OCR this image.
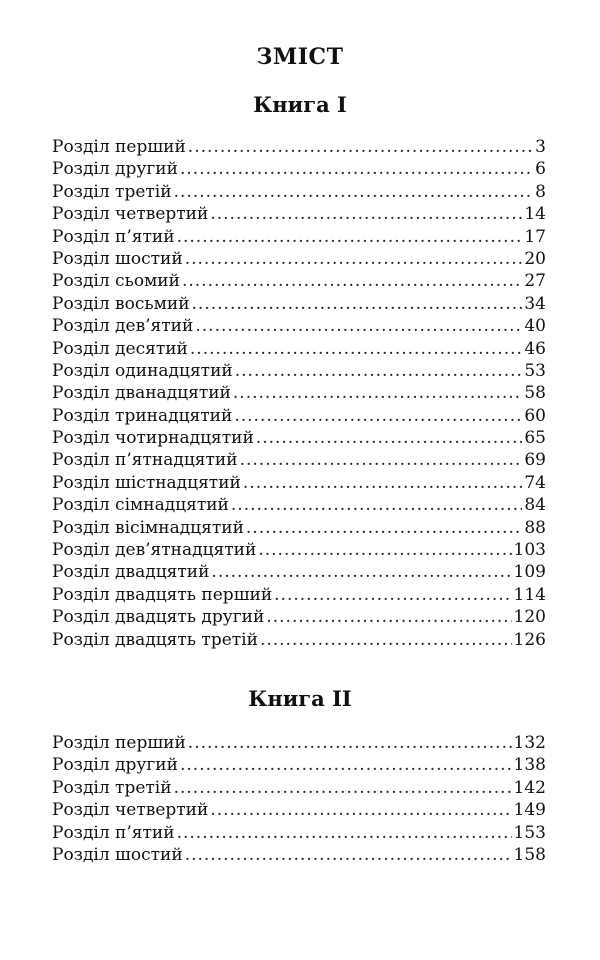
ЗМІСТ
Книга I
Розділ перший .....	3
Розділ другий .....	6
Розділ третій .....	8
Розділ четвертий .....	14
Розділ п’ятий .....	17
Розділ шостий .....	20
Розділ сьомий .....	27
Розділ восьмий .....	34
Розділ дев’ятий .....	40
Розділ десятий .....	46
Розділ одинадцятий .....	53
Розділ дванадцятий .....	58
Розділ тринадцятий .....	60
Розділ чотирнадцятий .....	65
Розділ п’ятнадцятий .....	69
Розділ шістнадцятий .....	74
Розділ сімнадцятий .....	84
Розділ вісімнадцятий .....	88
Розділ дев’ятнадцятий .....	103
Розділ двадцятий .....	109
Розділ двадцять перший .....	114
Розділ двадцять другий .....	120
Розділ двадцять третій .....	126
Книга II
Розділ перший .....	132
Розділ другий .....	138
Розділ третій .....	142
Розділ четвертий .....	149
Розділ п’ятий .....	153
Розділ шостий .....	158
